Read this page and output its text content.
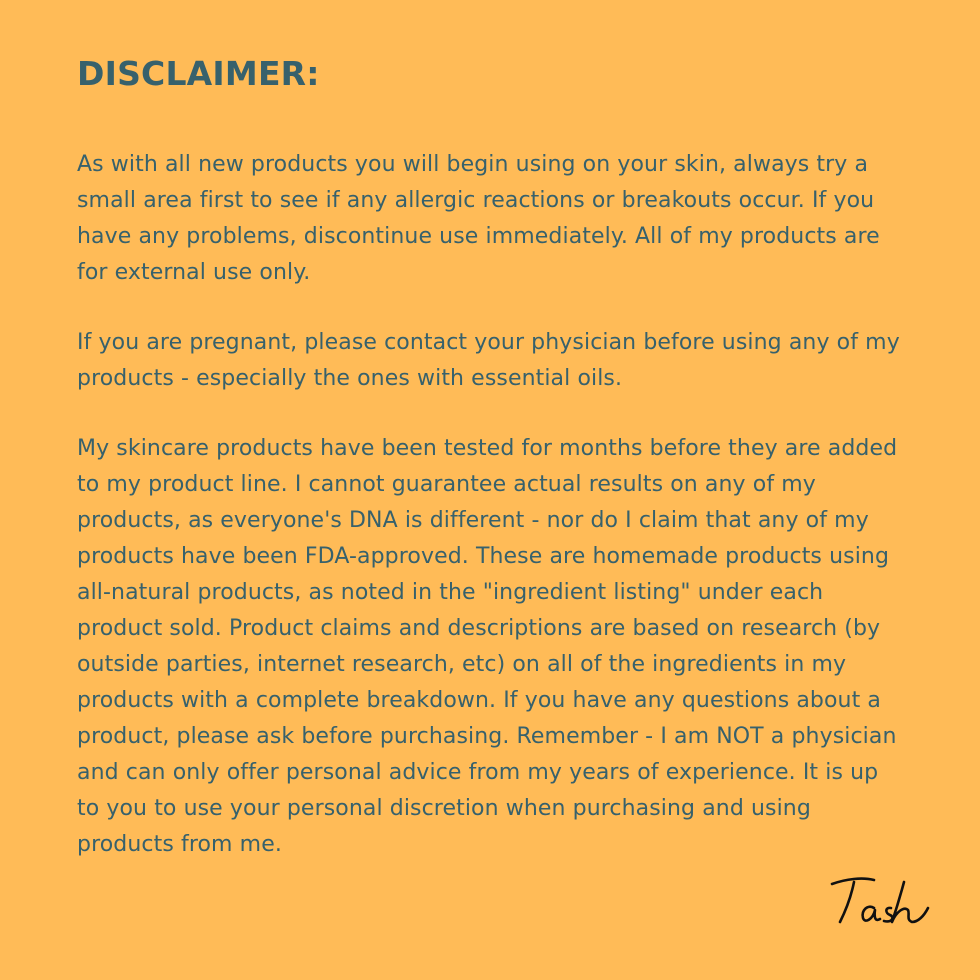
DISCLAIMER:

As with all new products you will begin using on your skin, always try a small area first to see if any allergic reactions or breakouts occur. If you have any problems, discontinue use immediately. All of my products are for external use only.

If you are pregnant, please contact your physician before using any of my products - especially the ones with essential oils.

My skincare products have been tested for months before they are added to my product line. I cannot guarantee actual results on any of my products, as everyone's DNA is different - nor do I claim that any of my products have been FDA-approved. These are homemade products using all-natural products, as noted in the "ingredient listing" under each product sold. Product claims and descriptions are based on research (by outside parties, internet research, etc) on all of the ingredients in my products with a complete breakdown. If you have any questions about a product, please ask before purchasing. Remember - I am NOT a physician and can only offer personal advice from my years of experience. It is up to you to use your personal discretion when purchasing and using products from me.
